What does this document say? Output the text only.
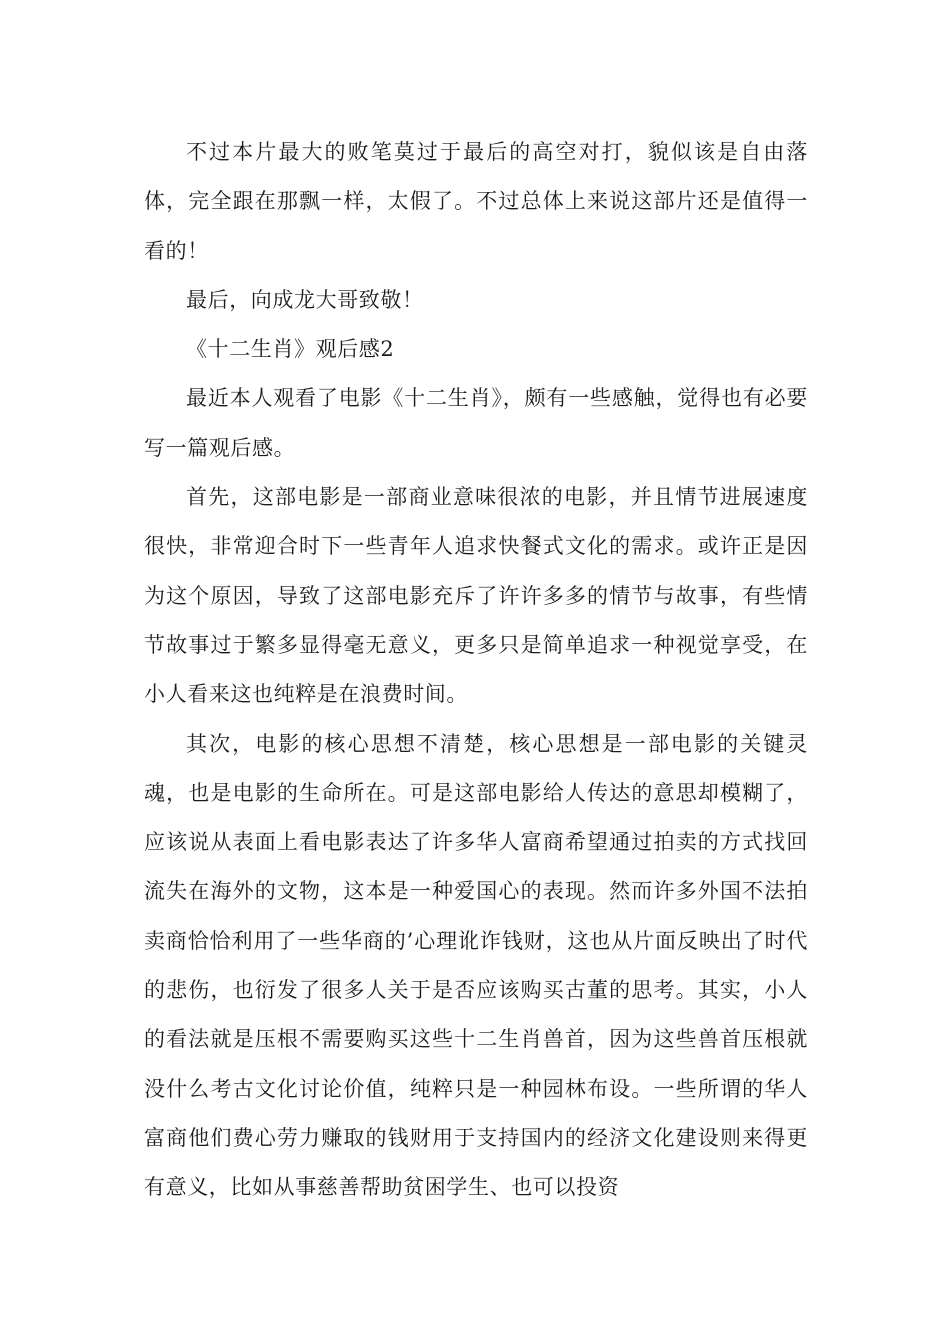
不过本片最大的败笔莫过于最后的高空对打，貌似该是自由落体，完全跟在那飘一样，太假了。不过总体上来说这部片还是值得一看的！

最后，向成龙大哥致敬！

《十二生肖》观后感2

最近本人观看了电影《十二生肖》，颇有一些感触，觉得也有必要写一篇观后感。

首先，这部电影是一部商业意味很浓的电影，并且情节进展速度很快，非常迎合时下一些青年人追求快餐式文化的需求。或许正是因为这个原因，导致了这部电影充斥了许许多多的情节与故事，有些情节故事过于繁多显得毫无意义，更多只是简单追求一种视觉享受，在小人看来这也纯粹是在浪费时间。

其次，电影的核心思想不清楚，核心思想是一部电影的关键灵魂，也是电影的生命所在。可是这部电影给人传达的意思却模糊了，应该说从表面上看电影表达了许多华人富商希望通过拍卖的方式找回流失在海外的文物，这本是一种爱国心的表现。然而许多外国不法拍卖商恰恰利用了一些华商的’心理讹诈钱财，这也从片面反映出了时代的悲伤，也衍发了很多人关于是否应该购买古董的思考。其实，小人的看法就是压根不需要购买这些十二生肖兽首，因为这些兽首压根就没什么考古文化讨论价值，纯粹只是一种园林布设。一些所谓的华人富商他们费心劳力赚取的钱财用于支持国内的经济文化建设则来得更有意义，比如从事慈善帮助贫困学生、也可以投资
